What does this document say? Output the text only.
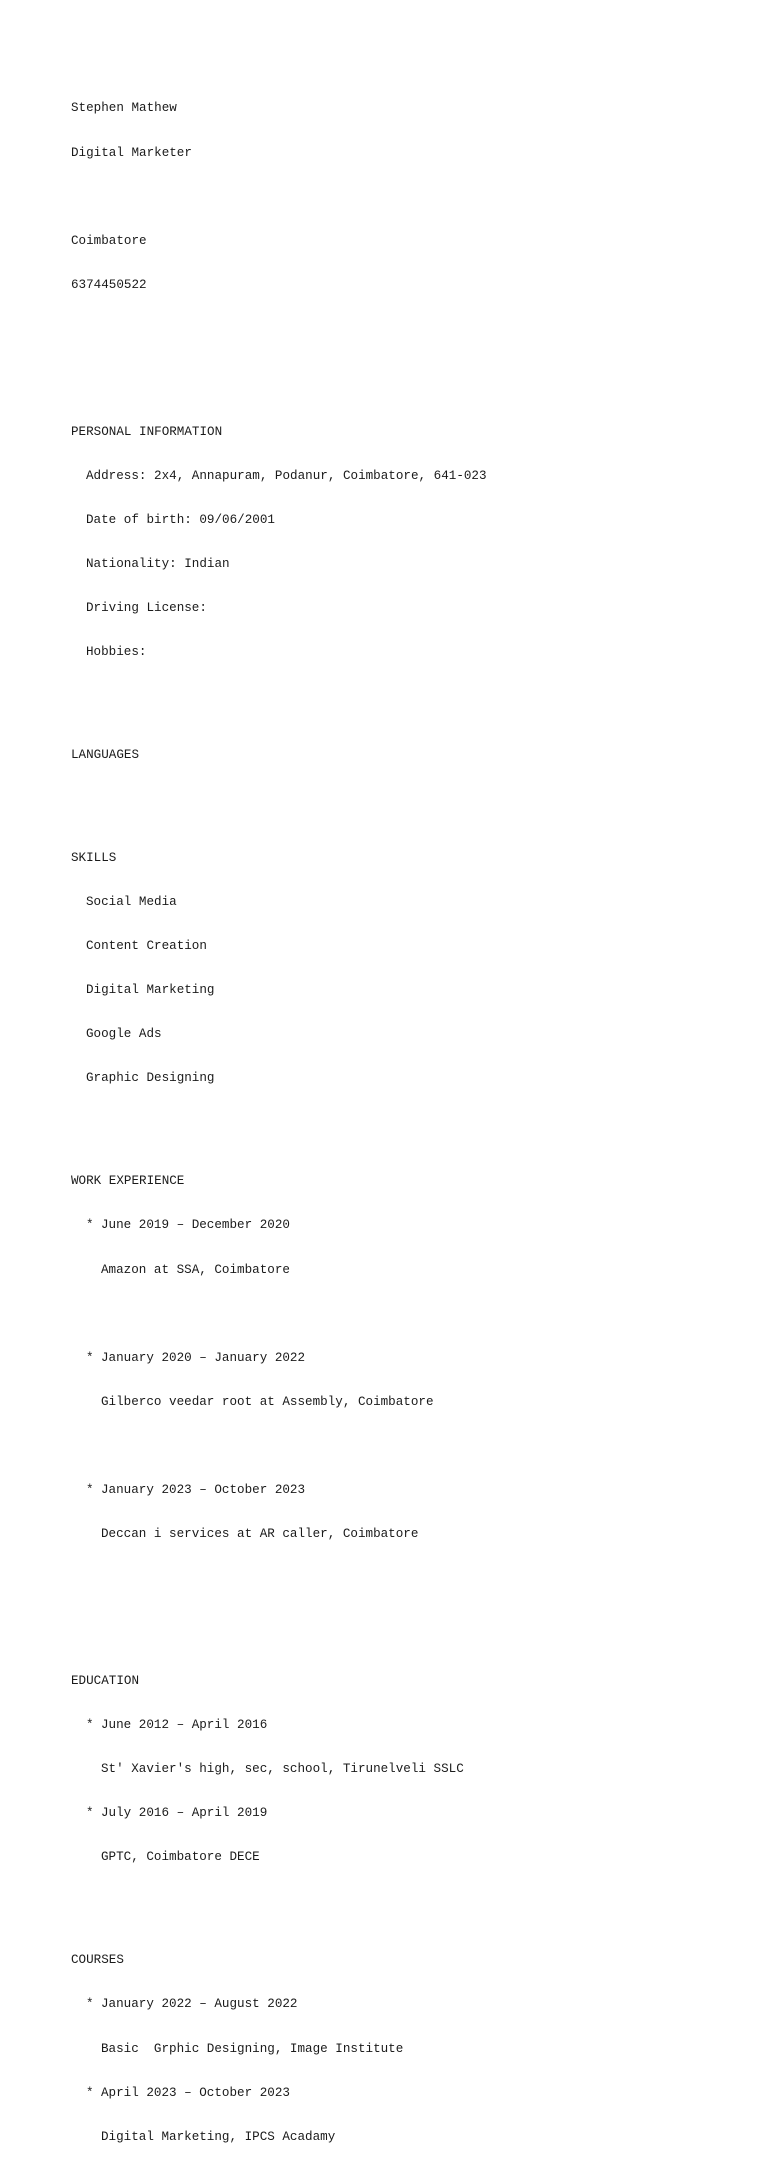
Stephen Mathew

Digital Marketer

Coimbatore

6374450522

PERSONAL INFORMATION

Address: 2x4, Annapuram, Podanur, Coimbatore, 641-023

Date of birth: 09/06/2001

Nationality: Indian

Driving License:

Hobbies:

LANGUAGES

SKILLS

Social Media

Content Creation

Digital Marketing

Google Ads

Graphic Designing

WORK EXPERIENCE

* June 2019 – December 2020

Amazon at SSA, Coimbatore

* January 2020 – January 2022

Gilberco veedar root at Assembly, Coimbatore

* January 2023 – October 2023

Deccan i services at AR caller, Coimbatore

EDUCATION

* June 2012 – April 2016

St' Xavier's high, sec, school, Tirunelveli SSLC

* July 2016 – April 2019

GPTC, Coimbatore DECE

COURSES

* January 2022 – August 2022

Basic  Grphic Designing, Image Institute

* April 2023 – October 2023

Digital Marketing, IPCS Acadamy
